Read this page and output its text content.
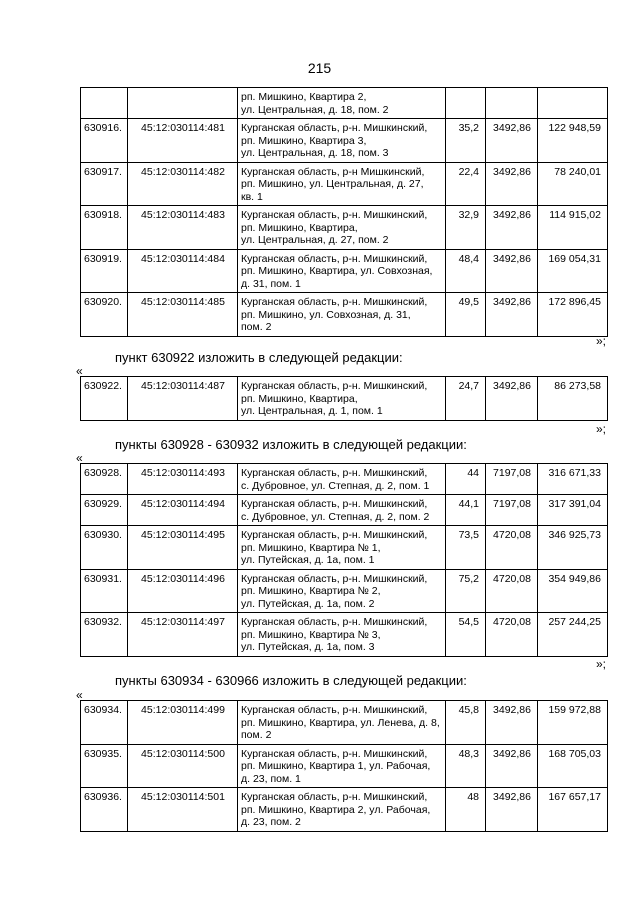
215
		рп. Мишкино, Квартира 2,
ул. Центральная, д. 18, пом. 2			
630916.	45:12:030114:481	Курганская область, р-н. Мишкинский,
рп. Мишкино, Квартира 3,
ул. Центральная, д. 18, пом. 3	35,2	3492,86	122 948,59
630917.	45:12:030114:482	Курганская область, р-н Мишкинский,
рп. Мишкино, ул. Центральная, д. 27,
кв. 1	22,4	3492,86	78 240,01
630918.	45:12:030114:483	Курганская область, р-н. Мишкинский,
рп. Мишкино, Квартира,
ул. Центральная, д. 27, пом. 2	32,9	3492,86	114 915,02
630919.	45:12:030114:484	Курганская область, р-н. Мишкинский,
рп. Мишкино, Квартира, ул. Совхозная,
д. 31, пом. 1	48,4	3492,86	169 054,31
630920.	45:12:030114:485	Курганская область, р-н. Мишкинский,
рп. Мишкино, ул. Совхозная, д. 31,
пом. 2	49,5	3492,86	172 896,45
»;
пункт 630922 изложить в следующей редакции:
«
630922.	45:12:030114:487	Курганская область, р-н. Мишкинский,
рп. Мишкино, Квартира,
ул. Центральная, д. 1, пом. 1	24,7	3492,86	86 273,58
»;
пункты 630928 - 630932 изложить в следующей редакции:
«
630928.	45:12:030114:493	Курганская область, р-н. Мишкинский,
с. Дубровное, ул. Степная, д. 2, пом. 1	44	7197,08	316 671,33
630929.	45:12:030114:494	Курганская область, р-н. Мишкинский,
с. Дубровное, ул. Степная, д. 2, пом. 2	44,1	7197,08	317 391,04
630930.	45:12:030114:495	Курганская область, р-н. Мишкинский,
рп. Мишкино, Квартира № 1,
ул. Путейская, д. 1а, пом. 1	73,5	4720,08	346 925,73
630931.	45:12:030114:496	Курганская область, р-н. Мишкинский,
рп. Мишкино, Квартира № 2,
ул. Путейская, д. 1а, пом. 2	75,2	4720,08	354 949,86
630932.	45:12:030114:497	Курганская область, р-н. Мишкинский,
рп. Мишкино, Квартира № 3,
ул. Путейская, д. 1а, пом. 3	54,5	4720,08	257 244,25
»;
пункты 630934 - 630966 изложить в следующей редакции:
«
630934.	45:12:030114:499	Курганская область, р-н. Мишкинский,
рп. Мишкино, Квартира, ул. Ленева, д. 8,
пом. 2	45,8	3492,86	159 972,88
630935.	45:12:030114:500	Курганская область, р-н. Мишкинский,
рп. Мишкино, Квартира 1, ул. Рабочая,
д. 23, пом. 1	48,3	3492,86	168 705,03
630936.	45:12:030114:501	Курганская область, р-н. Мишкинский,
рп. Мишкино, Квартира 2, ул. Рабочая,
д. 23, пом. 2	48	3492,86	167 657,17
